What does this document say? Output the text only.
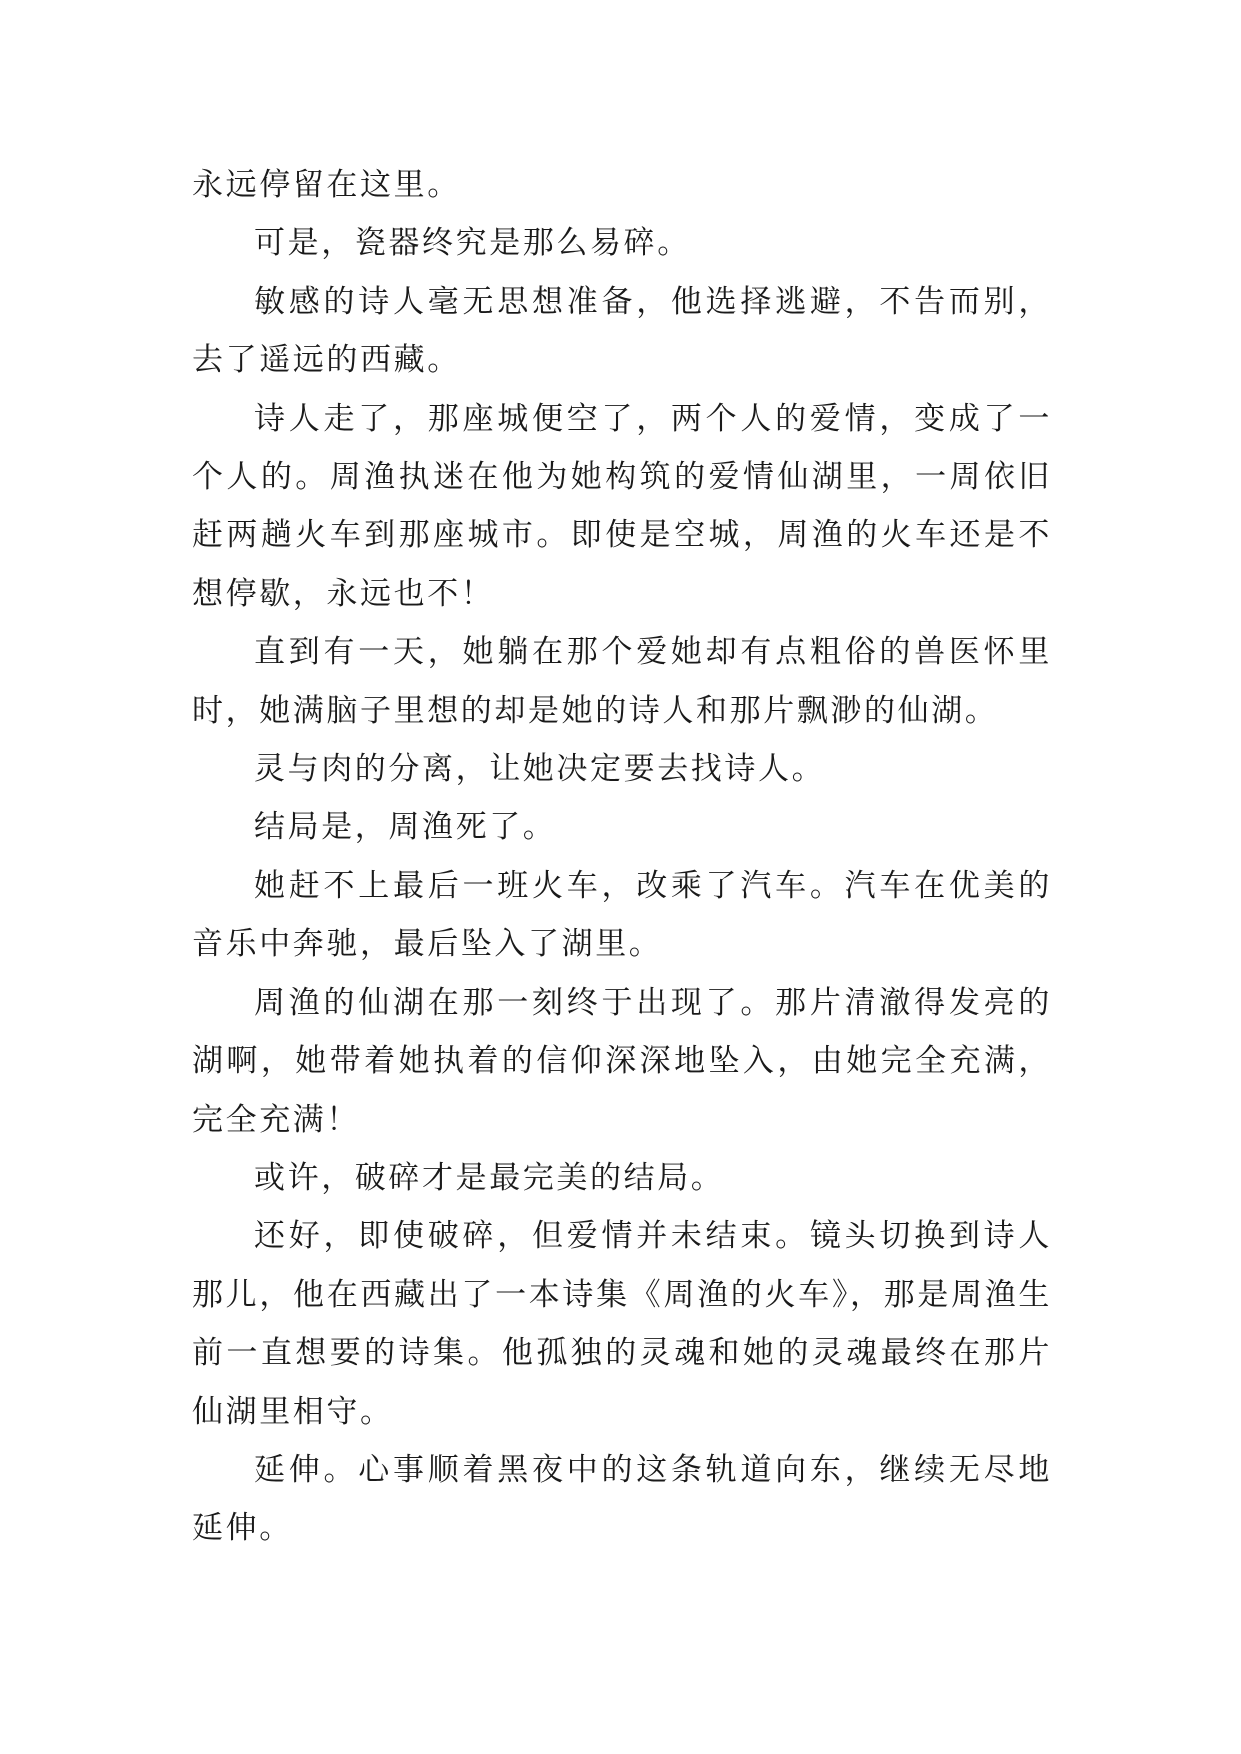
永远停留在这里。

可是，瓷器终究是那么易碎。

敏感的诗人毫无思想准备，他选择逃避，不告而别，去了遥远的西藏。

诗人走了，那座城便空了，两个人的爱情，变成了一个人的。周渔执迷在他为她构筑的爱情仙湖里，一周依旧赶两趟火车到那座城市。即使是空城，周渔的火车还是不想停歇，永远也不！

直到有一天，她躺在那个爱她却有点粗俗的兽医怀里时，她满脑子里想的却是她的诗人和那片飘渺的仙湖。

灵与肉的分离，让她决定要去找诗人。

结局是，周渔死了。

她赶不上最后一班火车，改乘了汽车。汽车在优美的音乐中奔驰，最后坠入了湖里。

周渔的仙湖在那一刻终于出现了。那片清澈得发亮的湖啊，她带着她执着的信仰深深地坠入，由她完全充满，完全充满！

或许，破碎才是最完美的结局。

还好，即使破碎，但爱情并未结束。镜头切换到诗人那儿，他在西藏出了一本诗集《周渔的火车》，那是周渔生前一直想要的诗集。他孤独的灵魂和她的灵魂最终在那片仙湖里相守。

延伸。心事顺着黑夜中的这条轨道向东，继续无尽地延伸。
